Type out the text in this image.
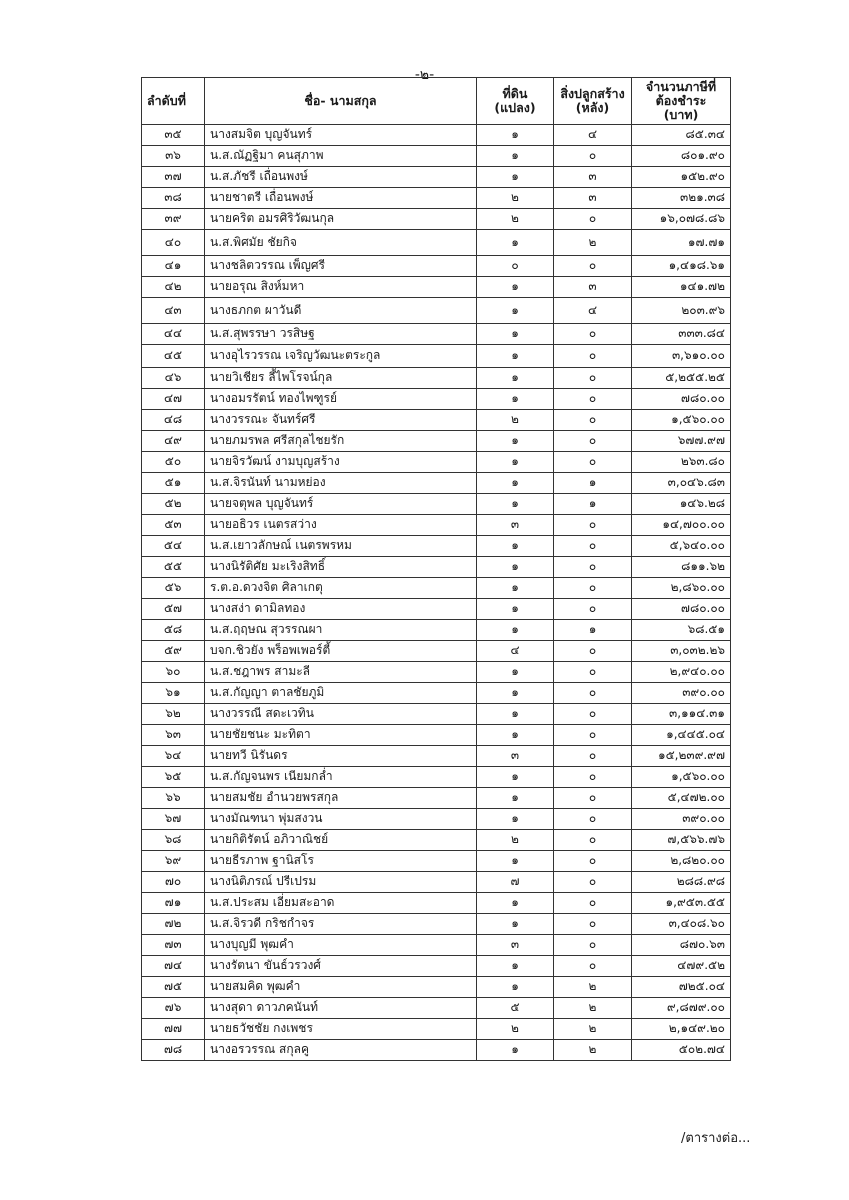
-๒-
ลำดับที่	ชื่อ- นามสกุล	ที่ดิน (แปลง)	สิ่งปลูกสร้าง (หลัง)	จำนวนภาษีที่ต้องชำระ (บาท)
๓๕	นางสมจิต บุญจันทร์	๑	๔	๘๕.๓๔
๓๖	น.ส.ณัฏฐิมา คนสุภาพ	๑	๐	๘๐๑.๙๐
๓๗	น.ส.ภัชรี เถื่อนพงษ์	๑	๓	๑๕๒.๙๐
๓๘	นายชาตรี เถื่อนพงษ์	๒	๓	๓๒๑.๓๘
๓๙	นายคริต อมรศิริวัฒนกุล	๒	๐	๑๖,๐๗๘.๘๖
๔๐	น.ส.พิศมัย ชัยกิจ	๑	๒	๑๗.๗๑
๔๑	นางชลิตวรรณ เพ็ญศรี	๐	๐	๑,๔๑๘.๖๑
๔๒	นายอรุณ สิงห์มหา	๑	๓	๑๔๑.๗๒
๔๓	นางธภกต ผาวันดี	๑	๔	๒๐๓.๙๖
๔๔	น.ส.สุพรรษา วรสิษฐ	๑	๐	๓๓๓.๘๔
๔๕	นางอุไรวรรณ เจริญวัฒนะตระกูล	๑	๐	๓,๖๑๐.๐๐
๔๖	นายวิเชียร ลี้ไพโรจน์กุล	๑	๐	๕,๒๕๕.๒๕
๔๗	นางอมรรัตน์ ทองไพฑูรย์	๑	๐	๗๘๐.๐๐
๔๘	นางวรรณะ จันทร์ศรี	๒	๐	๑,๕๖๐.๐๐
๔๙	นายภมรพล ศรีสกุลไชยรัก	๑	๐	๖๗๗.๙๗
๕๐	นายจิรวัฒน์ งามบุญสร้าง	๑	๐	๒๖๓.๘๐
๕๑	น.ส.จิรนันท์ นามหย่อง	๑	๑	๓,๐๔๖.๘๓
๕๒	นายจตุพล บุญจันทร์	๑	๑	๑๔๖.๒๘
๕๓	นายอธิวร เนตรสว่าง	๓	๐	๑๔,๗๐๐.๐๐
๕๔	น.ส.เยาวลักษณ์ เนตรพรหม	๑	๐	๕,๖๔๐.๐๐
๕๕	นางนิรัติศัย มะเริงสิทธิ์	๑	๐	๘๑๑.๖๒
๕๖	ร.ต.อ.ดวงจิต ศิลาเกตุ	๑	๐	๒,๘๖๐.๐๐
๕๗	นางสง่า ดามิลทอง	๑	๐	๗๘๐.๐๐
๕๘	น.ส.ฤฤษณ สุวรรณผา	๑	๑	๖๘.๕๑
๕๙	บจก.ชิวยัง พร็อพเพอร์ตี้	๔	๐	๓,๐๓๒.๒๖
๖๐	น.ส.ชฎาพร สามะลี	๑	๐	๒,๙๔๐.๐๐
๖๑	น.ส.กัญญา ตาลชัยภูมิ	๑	๐	๓๙๐.๐๐
๖๒	นางวรรณี สดะเวทิน	๑	๐	๓,๑๑๔.๓๑
๖๓	นายชัยชนะ มะทิตา	๑	๐	๑,๔๔๕.๐๔
๖๔	นายทวี นิรันดร	๓	๐	๑๕,๒๓๙.๙๗
๖๕	น.ส.กัญจนพร เนียมกล่ำ	๑	๐	๑,๕๖๐.๐๐
๖๖	นายสมชัย อำนวยพรสกุล	๑	๐	๕,๔๗๒.๐๐
๖๗	นางมัณฑนา พุ่มสงวน	๑	๐	๓๙๐.๐๐
๖๘	นายกิติรัตน์ อภิวาณิชย์	๒	๐	๗,๕๖๖.๗๖
๖๙	นายธีรภาพ ฐานิสโร	๑	๐	๒,๘๒๐.๐๐
๗๐	นางนิติภรณ์ ปรีเปรม	๗	๐	๒๘๘.๙๘
๗๑	น.ส.ประสม เอี่ยมสะอาด	๑	๐	๑,๙๕๓.๕๕
๗๒	น.ส.จิรวดี กริชกำจร	๑	๐	๓,๔๐๘.๖๐
๗๓	นางบุญมี พุฒคำ	๓	๐	๘๗๐.๖๓
๗๔	นางรัตนา ขันธ์วรวงศ์	๑	๐	๔๗๙.๕๒
๗๕	นายสมคิด พุฒคำ	๑	๒	๗๒๕.๐๔
๗๖	นางสุดา ดาวภคนันท์	๕	๒	๙,๘๗๙.๐๐
๗๗	นายธวัชชัย กงเพชร	๒	๒	๒,๑๔๙.๒๐
๗๘	นางอรวรรณ สกุลคู	๑	๒	๕๐๒.๗๔
/ตารางต่อ...
